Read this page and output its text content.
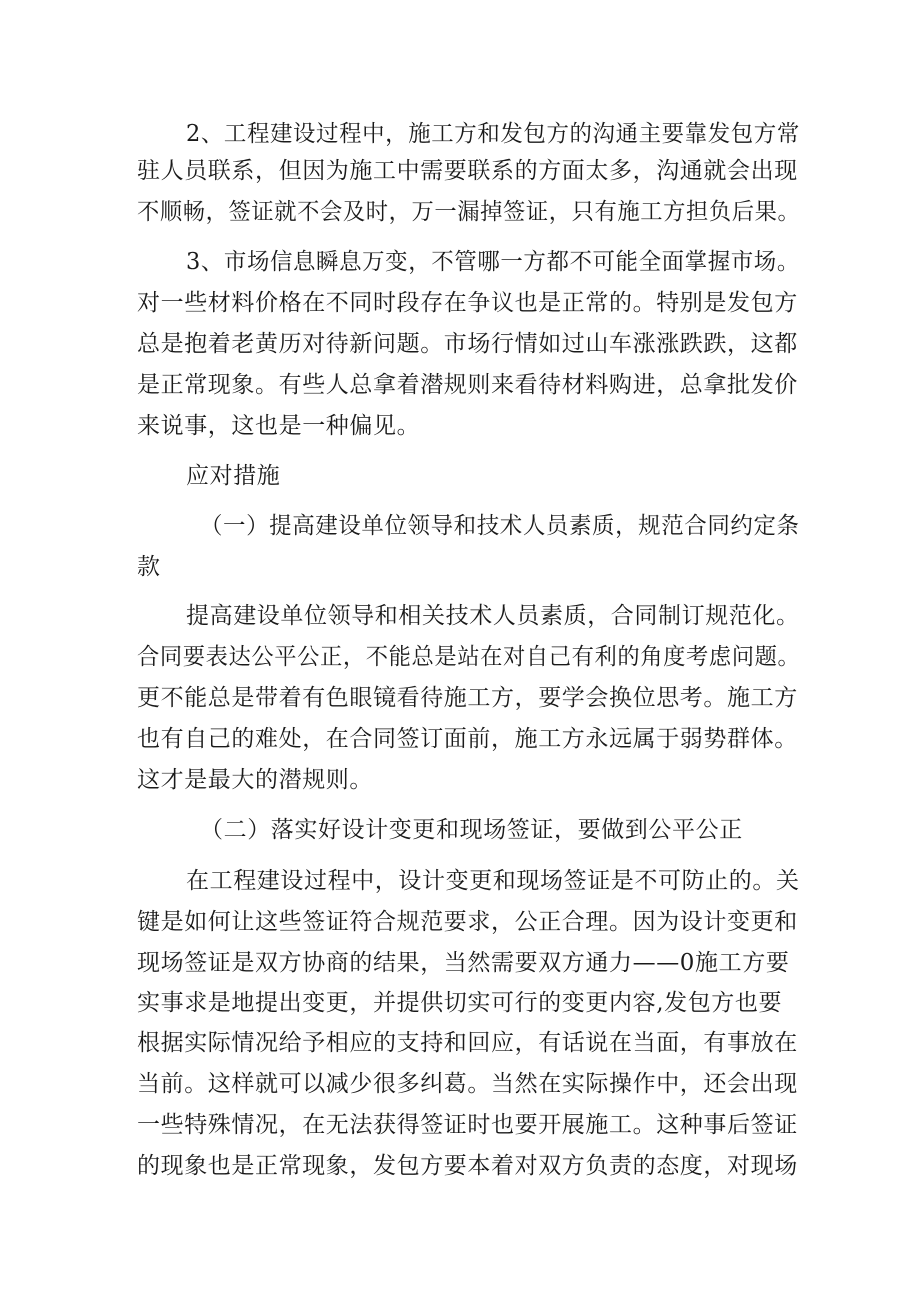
2、工程建设过程中，施工方和发包方的沟通主要靠发包方常
驻人员联系，但因为施工中需要联系的方面太多，沟通就会出现
不顺畅，签证就不会及时，万一漏掉签证，只有施工方担负后果。
3、市场信息瞬息万变，不管哪一方都不可能全面掌握市场。
对一些材料价格在不同时段存在争议也是正常的。特别是发包方
总是抱着老黄历对待新问题。市场行情如过山车涨涨跌跌，这都
是正常现象。有些人总拿着潜规则来看待材料购进，总拿批发价
来说事，这也是一种偏见。
应对措施
（一）提高建设单位领导和技术人员素质，规范合同约定条
款
提高建设单位领导和相关技术人员素质，合同制订规范化。
合同要表达公平公正，不能总是站在对自己有利的角度考虑问题。
更不能总是带着有色眼镜看待施工方，要学会换位思考。施工方
也有自己的难处，在合同签订面前，施工方永远属于弱势群体。
这才是最大的潜规则。
（二）落实好设计变更和现场签证，要做到公平公正
在工程建设过程中，设计变更和现场签证是不可防止的。关
键是如何让这些签证符合规范要求，公正合理。因为设计变更和
现场签证是双方协商的结果，当然需要双方通力——0施工方要
实事求是地提出变更，并提供切实可行的变更内容,发包方也要
根据实际情况给予相应的支持和回应，有话说在当面，有事放在
当前。这样就可以减少很多纠葛。当然在实际操作中，还会出现
一些特殊情况，在无法获得签证时也要开展施工。这种事后签证
的现象也是正常现象，发包方要本着对双方负责的态度，对现场
